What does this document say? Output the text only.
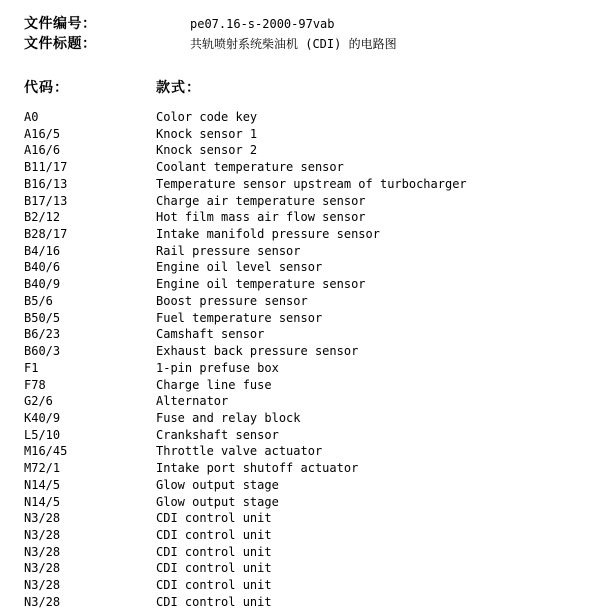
文件编号：	pe07.16-s-2000-97vab
文件标题：	共轨喷射系统柴油机 (CDI) 的电路图
代码：	款式：
A0	Color code key
A16/5	Knock sensor 1
A16/6	Knock sensor 2
B11/17	Coolant temperature sensor
B16/13	Temperature sensor upstream of turbocharger
B17/13	Charge air temperature sensor
B2/12	Hot film mass air flow sensor
B28/17	Intake manifold pressure sensor
B4/16	Rail pressure sensor
B40/6	Engine oil level sensor
B40/9	Engine oil temperature sensor
B5/6	Boost pressure sensor
B50/5	Fuel temperature sensor
B6/23	Camshaft sensor
B60/3	Exhaust back pressure sensor
F1	1-pin prefuse box
F78	Charge line fuse
G2/6	Alternator
K40/9	Fuse and relay block
L5/10	Crankshaft sensor
M16/45	Throttle valve actuator
M72/1	Intake port shutoff actuator
N14/5	Glow output stage
N14/5	Glow output stage
N3/28	CDI control unit
N3/28	CDI control unit
N3/28	CDI control unit
N3/28	CDI control unit
N3/28	CDI control unit
N3/28	CDI control unit
